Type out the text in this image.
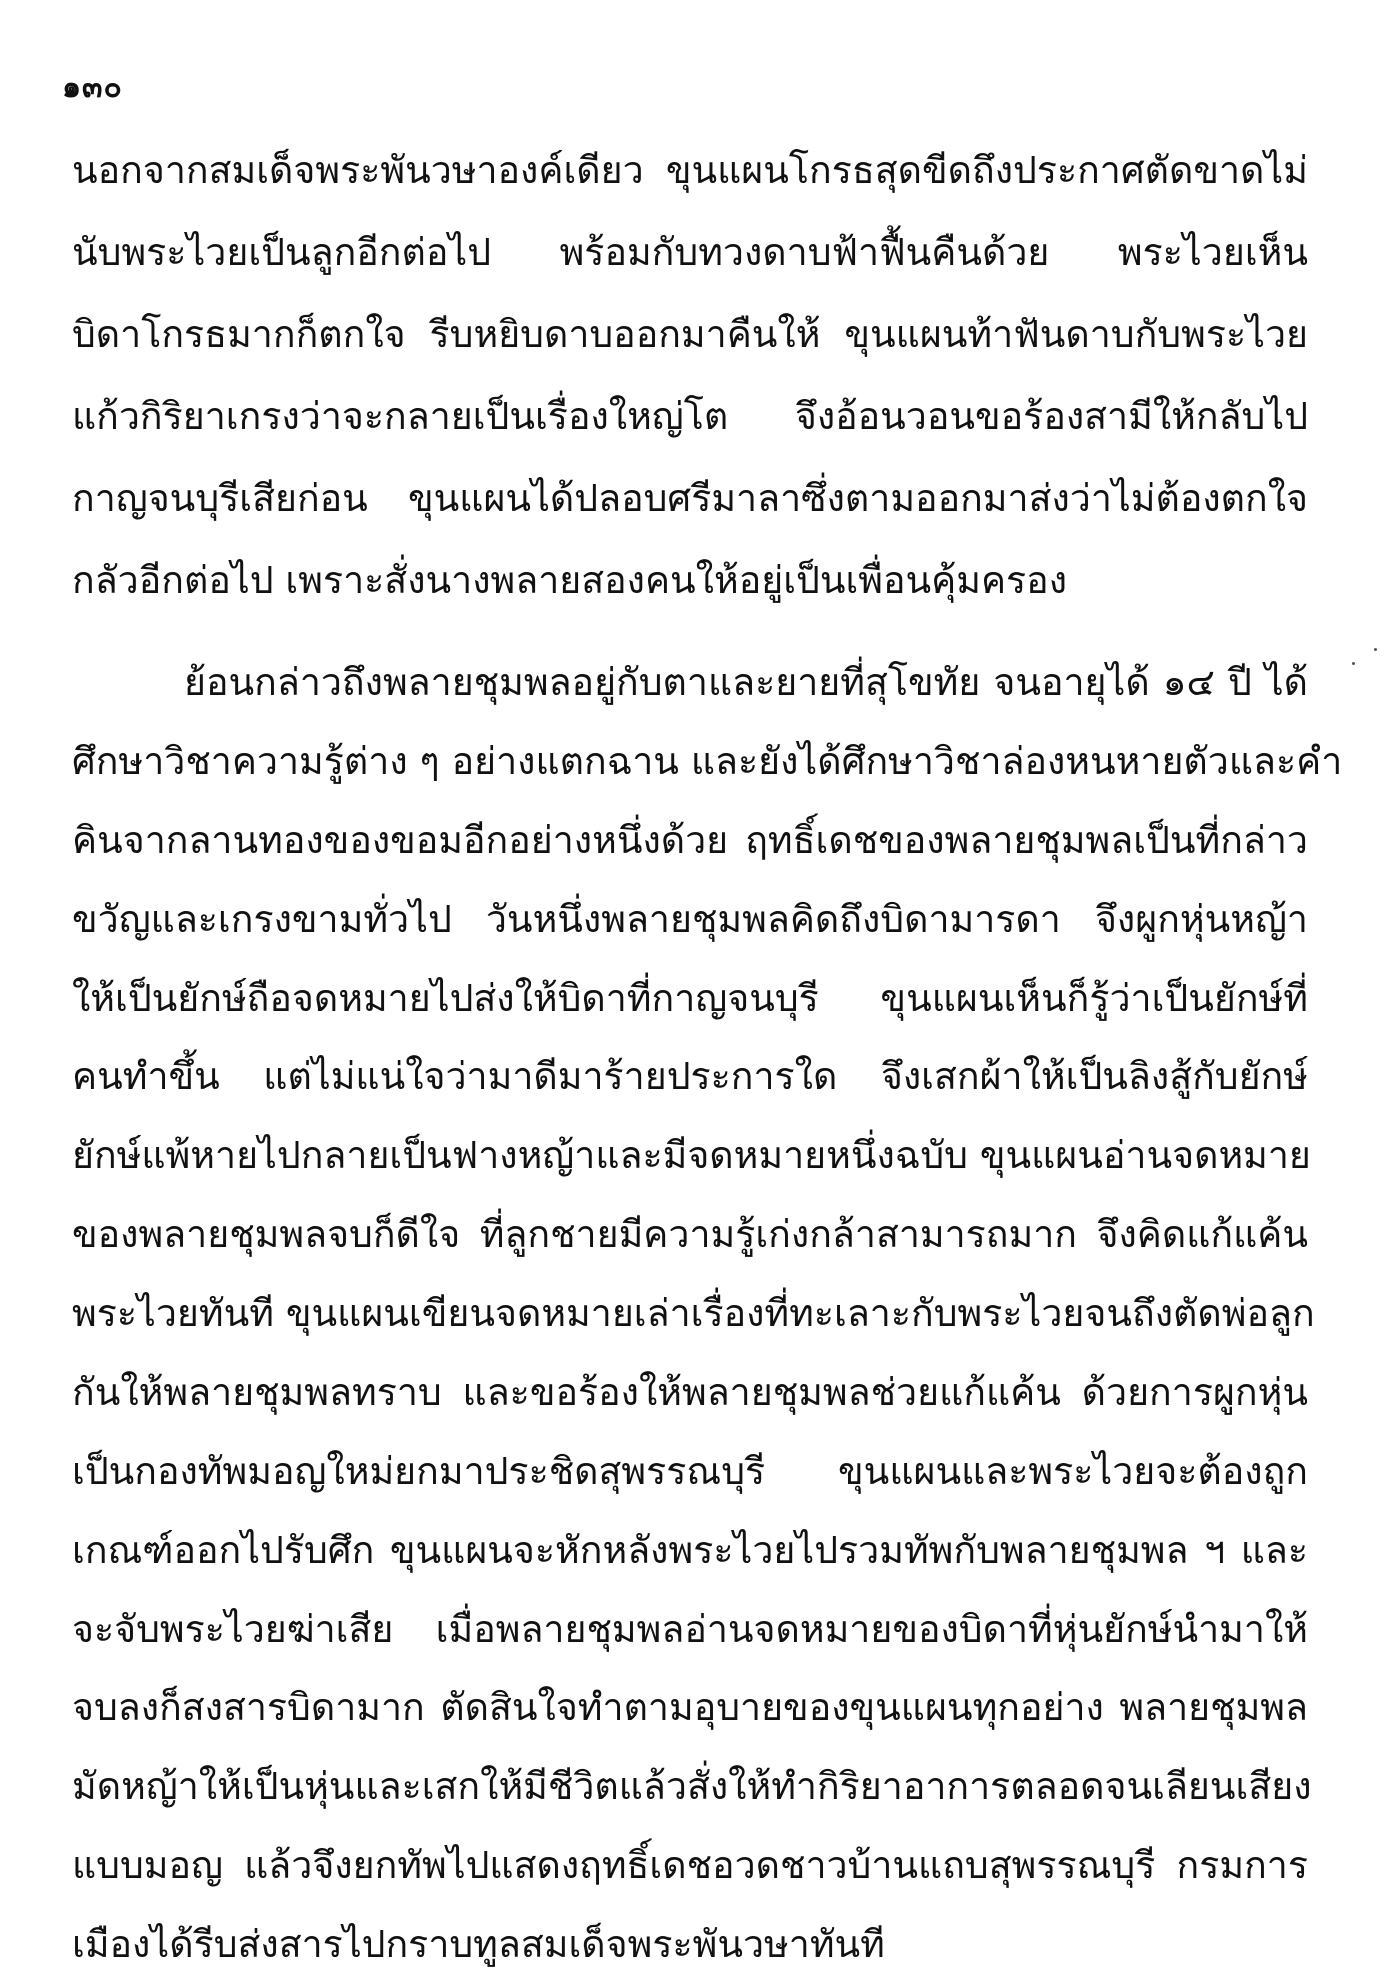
๑๓๐
นอกจากสมเด็จพระพันวษาองค์เดียว ขุนแผนโกรธสุดขีดถึงประกาศตัดขาดไม่
นับพระไวยเป็นลูกอีกต่อไป พร้อมกับทวงดาบฟ้าฟื้นคืนด้วย พระไวยเห็น
บิดาโกรธมากก็ตกใจ รีบหยิบดาบออกมาคืนให้ ขุนแผนท้าฟันดาบกับพระไวย
แก้วกิริยาเกรงว่าจะกลายเป็นเรื่องใหญ่โต จึงอ้อนวอนขอร้องสามีให้กลับไป
กาญจนบุรีเสียก่อน ขุนแผนได้ปลอบศรีมาลาซึ่งตามออกมาส่งว่าไม่ต้องตกใจ
กลัวอีกต่อไป เพราะสั่งนางพลายสองคนให้อยู่เป็นเพื่อนคุ้มครอง
ย้อนกล่าวถึงพลายชุมพลอยู่กับตาและยายที่สุโขทัย จนอายุได้ ๑๔ ปี ได้
ศึกษาวิชาความรู้ต่าง ๆ อย่างแตกฉาน และยังได้ศึกษาวิชาล่องหนหายตัวและคำ
คินจากลานทองของขอมอีกอย่างหนึ่งด้วย ฤทธิ์เดชของพลายชุมพลเป็นที่กล่าว
ขวัญและเกรงขามทั่วไป วันหนึ่งพลายชุมพลคิดถึงบิดามารดา จึงผูกหุ่นหญ้า
ให้เป็นยักษ์ถือจดหมายไปส่งให้บิดาที่กาญจนบุรี ขุนแผนเห็นก็รู้ว่าเป็นยักษ์ที่
คนทำขึ้น แต่ไม่แน่ใจว่ามาดีมาร้ายประการใด จึงเสกผ้าให้เป็นลิงสู้กับยักษ์
ยักษ์แพ้หายไปกลายเป็นฟางหญ้าและมีจดหมายหนึ่งฉบับ ขุนแผนอ่านจดหมาย
ของพลายชุมพลจบก็ดีใจ ที่ลูกชายมีความรู้เก่งกล้าสามารถมาก จึงคิดแก้แค้น
พระไวยทันที ขุนแผนเขียนจดหมายเล่าเรื่องที่ทะเลาะกับพระไวยจนถึงตัดพ่อลูก
กันให้พลายชุมพลทราบ และขอร้องให้พลายชุมพลช่วยแก้แค้น ด้วยการผูกหุ่น
เป็นกองทัพมอญใหม่ยกมาประชิดสุพรรณบุรี ขุนแผนและพระไวยจะต้องถูก
เกณฑ์ออกไปรับศึก ขุนแผนจะหักหลังพระไวยไปรวมทัพกับพลายชุมพล ฯ และ
จะจับพระไวยฆ่าเสีย เมื่อพลายชุมพลอ่านจดหมายของบิดาที่หุ่นยักษ์นำมาให้
จบลงก็สงสารบิดามาก ตัดสินใจทำตามอุบายของขุนแผนทุกอย่าง พลายชุมพล
มัดหญ้าให้เป็นหุ่นและเสกให้มีชีวิตแล้วสั่งให้ทำกิริยาอาการตลอดจนเลียนเสียง
แบบมอญ แล้วจึงยกทัพไปแสดงฤทธิ์เดชอวดชาวบ้านแถบสุพรรณบุรี กรมการ
เมืองได้รีบส่งสารไปกราบทูลสมเด็จพระพันวษาทันที
